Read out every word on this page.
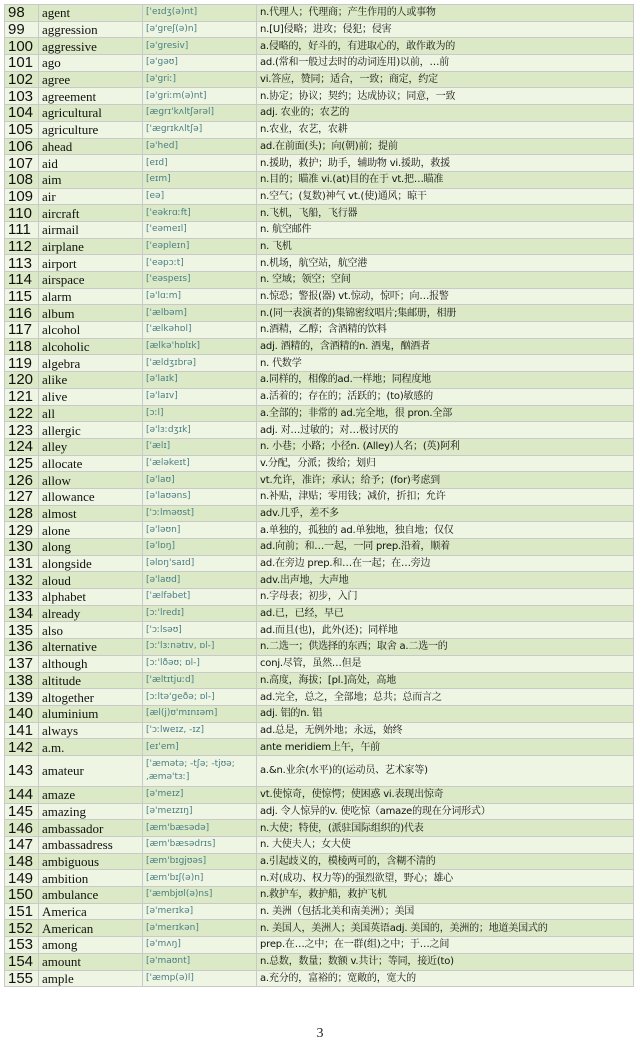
98	agent	['eɪdʒ(ə)nt]	n.代理人；代理商；产生作用的人或事物
99	aggression	[ə'greʃ(ə)n]	n.[U]侵略；进攻；侵犯；侵害
100	aggressive	[ə'gresiv]	a.侵略的，好斗的，有进取心的，敢作敢为的
101	ago	[ə'gəʊ]	ad.(常和一般过去时的动词连用)以前，…前
102	agree	[ə'griː]	vi.答应，赞同；适合，一致；商定，约定
103	agreement	[ə'griːm(ə)nt]	n.协定；协议；契约；达成协议；同意，一致
104	agricultural	[ægrɪ'kʌltʃərəl]	adj. 农业的；农艺的
105	agriculture	['ægrɪkʌltʃə]	n.农业，农艺，农耕
106	ahead	[ə'hed]	ad.在前面(头)；向(朝)前；提前
107	aid	[eɪd]	n.援助，救护；助手，辅助物 vi.援助，救援
108	aim	[eɪm]	n.目的；瞄准 vi.(at)目的在于 vt.把…瞄准
109	air	[eə]	n.空气；(复数)神气 vt.(使)通风；晾干
110	aircraft	['eəkrɑːft]	n.飞机，飞船，飞行器
111	airmail	['eəmeɪl]	n. 航空邮件
112	airplane	['eəpleɪn]	n. 飞机
113	airport	['eəpɔːt]	n.机场，航空站，航空港
114	airspace	['eəspeɪs]	n. 空域；领空；空间
115	alarm	[ə'lɑːm]	n.惊恐；警报(器) vt.惊动，惊吓；向…报警
116	album	['ælbəm]	n.(同一表演者的)集锦密纹唱片;集邮册，相册
117	alcohol	['ælkəhɒl]	n.酒精，乙醇；含酒精的饮料
118	alcoholic	[ælkə'hɒlɪk]	adj. 酒精的，含酒精的n. 酒鬼，酗酒者
119	algebra	['ældʒɪbrə]	n. 代数学
120	alike	[ə'laɪk]	a.同样的，相像的ad.一样地；同程度地
121	alive	[ə'laɪv]	a.活着的；存在的；活跃的；(to)敏感的
122	all	[ɔːl]	a.全部的；非常的 ad.完全地，很 pron.全部
123	allergic	[ə'lɜːdʒɪk]	adj. 对…过敏的；对…极讨厌的
124	alley	['ælɪ]	n. 小巷；小路；小径n. (Alley)人名；(英)阿利
125	allocate	['æləkeɪt]	v.分配，分派；拨给；划归
126	allow	[ə'laʊ]	vt.允许，准许；承认；给予；(for)考虑到
127	allowance	[ə'laʊəns]	n.补贴，津贴；零用钱；减价，折扣；允许
128	almost	['ɔːlməʊst]	adv.几乎，差不多
129	alone	[ə'ləʊn]	a.单独的，孤独的 ad.单独地，独自地；仅仅
130	along	[ə'lɒŋ]	ad.向前；和…一起，一同 prep.沿着，顺着
131	alongside	[əlɒŋ'saɪd]	ad.在旁边 prep.和…在一起；在…旁边
132	aloud	[ə'laʊd]	adv.出声地，大声地
133	alphabet	['ælfəbet]	n.字母表；初步，入门
134	already	[ɔː'lredɪ]	ad.已，已经，早已
135	also	['ɔːlsəʊ]	ad.而且(也)，此外(还)；同样地
136	alternative	[ɔː'lɜːnətɪv, ɒl-]	n.二选一；供选择的东西；取舍 a.二选一的
137	although	[ɔː'lðəʊ; ɒl-]	conj.尽管，虽然…但是
138	altitude	['æltɪtjuːd]	n.高度，海拔；[pl.]高处，高地
139	altogether	[ɔːltə'geðə; ɒl-]	ad.完全，总之，全部地；总共；总而言之
140	aluminium	[æl(j)ʊ'mɪnɪəm]	adj. 铝的n. 铝
141	always	['ɔːlweɪz, -ɪz]	ad.总是，无例外地；永远，始终
142	a.m.	[eɪ'em]	ante meridiem上午，午前
143	amateur	['æmətə; -tʃə; -tjʊə; ,æmə'tɜː]	a.&n.业余(水平)的(运动员、艺术家等)
144	amaze	[ə'meɪz]	vt.使惊奇，使惊愕；使困惑 vi.表现出惊奇
145	amazing	[ə'meɪzɪŋ]	adj. 令人惊异的v. 使吃惊（amaze的现在分词形式）
146	ambassador	[æm'bæsədə]	n.大使；特使，(派驻国际组织的)代表
147	ambassadress	[æm'bæsədrɪs]	n. 大使夫人；女大使
148	ambiguous	[æm'bɪgjʊəs]	a.引起歧义的，模棱两可的，含糊不清的
149	ambition	[æm'bɪʃ(ə)n]	n.对(成功、权力等)的强烈欲望，野心；雄心
150	ambulance	['æmbjʊl(ə)ns]	n.救护车，救护船，救护飞机
151	America	[ə'merɪkə]	n. 美洲（包括北美和南美洲）；美国
152	American	[ə'merɪkən]	n. 美国人，美洲人；美国英语adj. 美国的，美洲的；地道美国式的
153	among	[ə'mʌŋ]	prep.在…之中；在一群(组)之中；于…之间
154	amount	[ə'maʊnt]	n.总数，数量；数额 v.共计；等同，接近(to)
155	ample	['æmp(ə)l]	a.充分的，富裕的；宽敞的，宽大的
3
